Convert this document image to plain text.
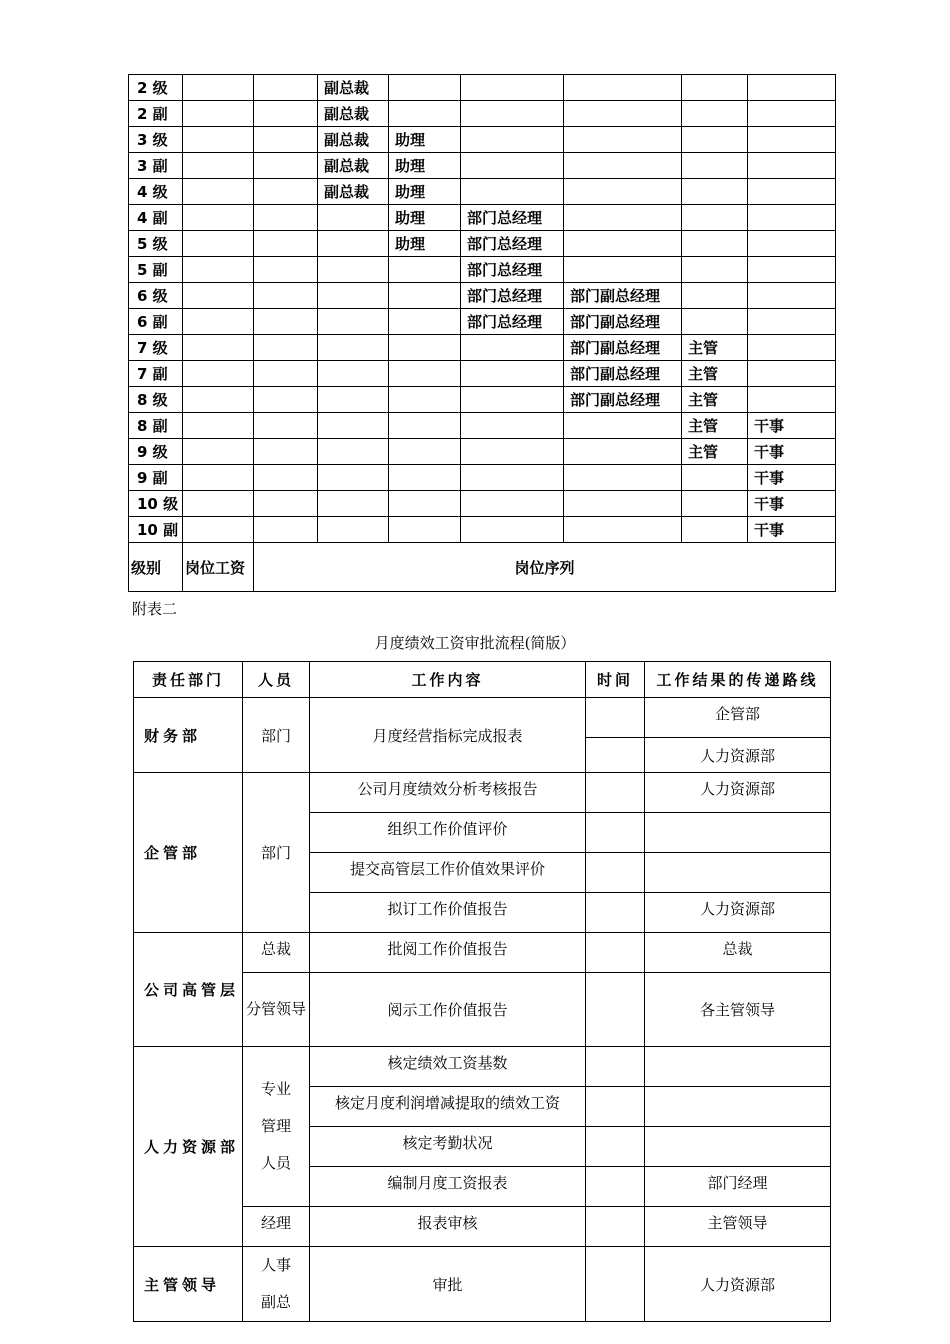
2 级			副总裁					
2 副			副总裁					
3 级			副总裁	助理				
3 副			副总裁	助理				
4 级			副总裁	助理				
4 副				助理	部门总经理			
5 级				助理	部门总经理			
5 副					部门总经理			
6 级					部门总经理	部门副总经理		
6 副					部门总经理	部门副总经理		
7 级						部门副总经理	主管	
7 副						部门副总经理	主管	
8 级						部门副总经理	主管	
8 副							主管	干事
9 级							主管	干事
9 副								干事
10 级								干事
10 副								干事
级别	岗位工资	岗位序列						
附表二
月度绩效工资审批流程(简版）
责任部门	人员	工作内容	时间	工作结果的传递路线
财务部	部门	月度经营指标完成报表		企管部
				人力资源部
企管部	部门	公司月度绩效分析考核报告		人力资源部
		组织工作价值评价		
		提交高管层工作价值效果评价		
		拟订工作价值报告		人力资源部
公司高管层	总裁	批阅工作价值报告		总裁
	分管领导	阅示工作价值报告		各主管领导
人力资源部	专业管理人员	核定绩效工资基数		
		核定月度利润增减提取的绩效工资		
		核定考勤状况		
		编制月度工资报表		部门经理
	经理	报表审核		主管领导
主管领导	人事副总	审批		人力资源部
